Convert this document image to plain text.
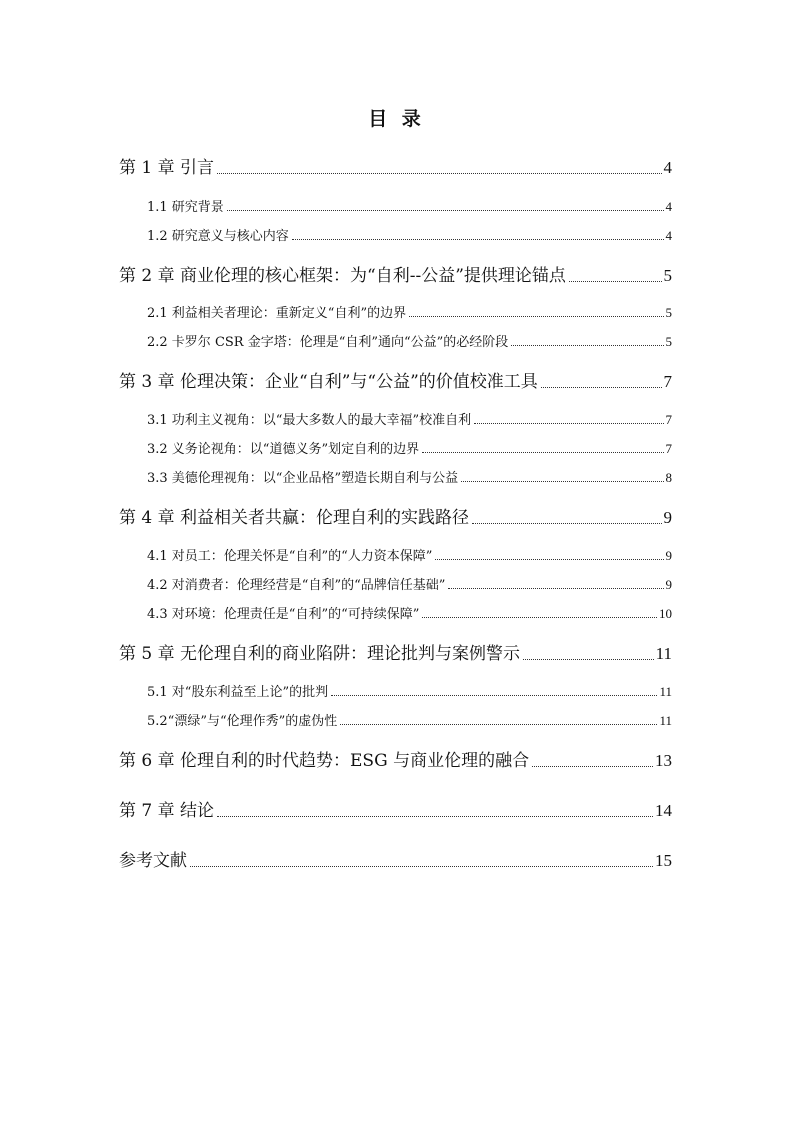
目 录
第 1 章 引言	4
1.1 研究背景	4
1.2 研究意义与核心内容	4
第 2 章 商业伦理的核心框架：为“自利--公益”提供理论锚点	5
2.1 利益相关者理论：重新定义“自利”的边界	5
2.2 卡罗尔 CSR 金字塔：伦理是“自利”通向“公益”的必经阶段	5
第 3 章 伦理决策：企业“自利”与“公益”的价值校准工具	7
3.1 功利主义视角：以“最大多数人的最大幸福”校准自利	7
3.2 义务论视角：以“道德义务”划定自利的边界	7
3.3 美德伦理视角：以“企业品格”塑造长期自利与公益	8
第 4 章 利益相关者共赢：伦理自利的实践路径	9
4.1 对员工：伦理关怀是“自利”的“人力资本保障”	9
4.2 对消费者：伦理经营是“自利”的“品牌信任基础”	9
4.3 对环境：伦理责任是“自利”的“可持续保障”	10
第 5 章 无伦理自利的商业陷阱：理论批判与案例警示	11
5.1 对“股东利益至上论”的批判	11
5.2“漂绿”与“伦理作秀”的虚伪性	11
第 6 章 伦理自利的时代趋势：ESG 与商业伦理的融合	13
第 7 章 结论	14
参考文献	15
